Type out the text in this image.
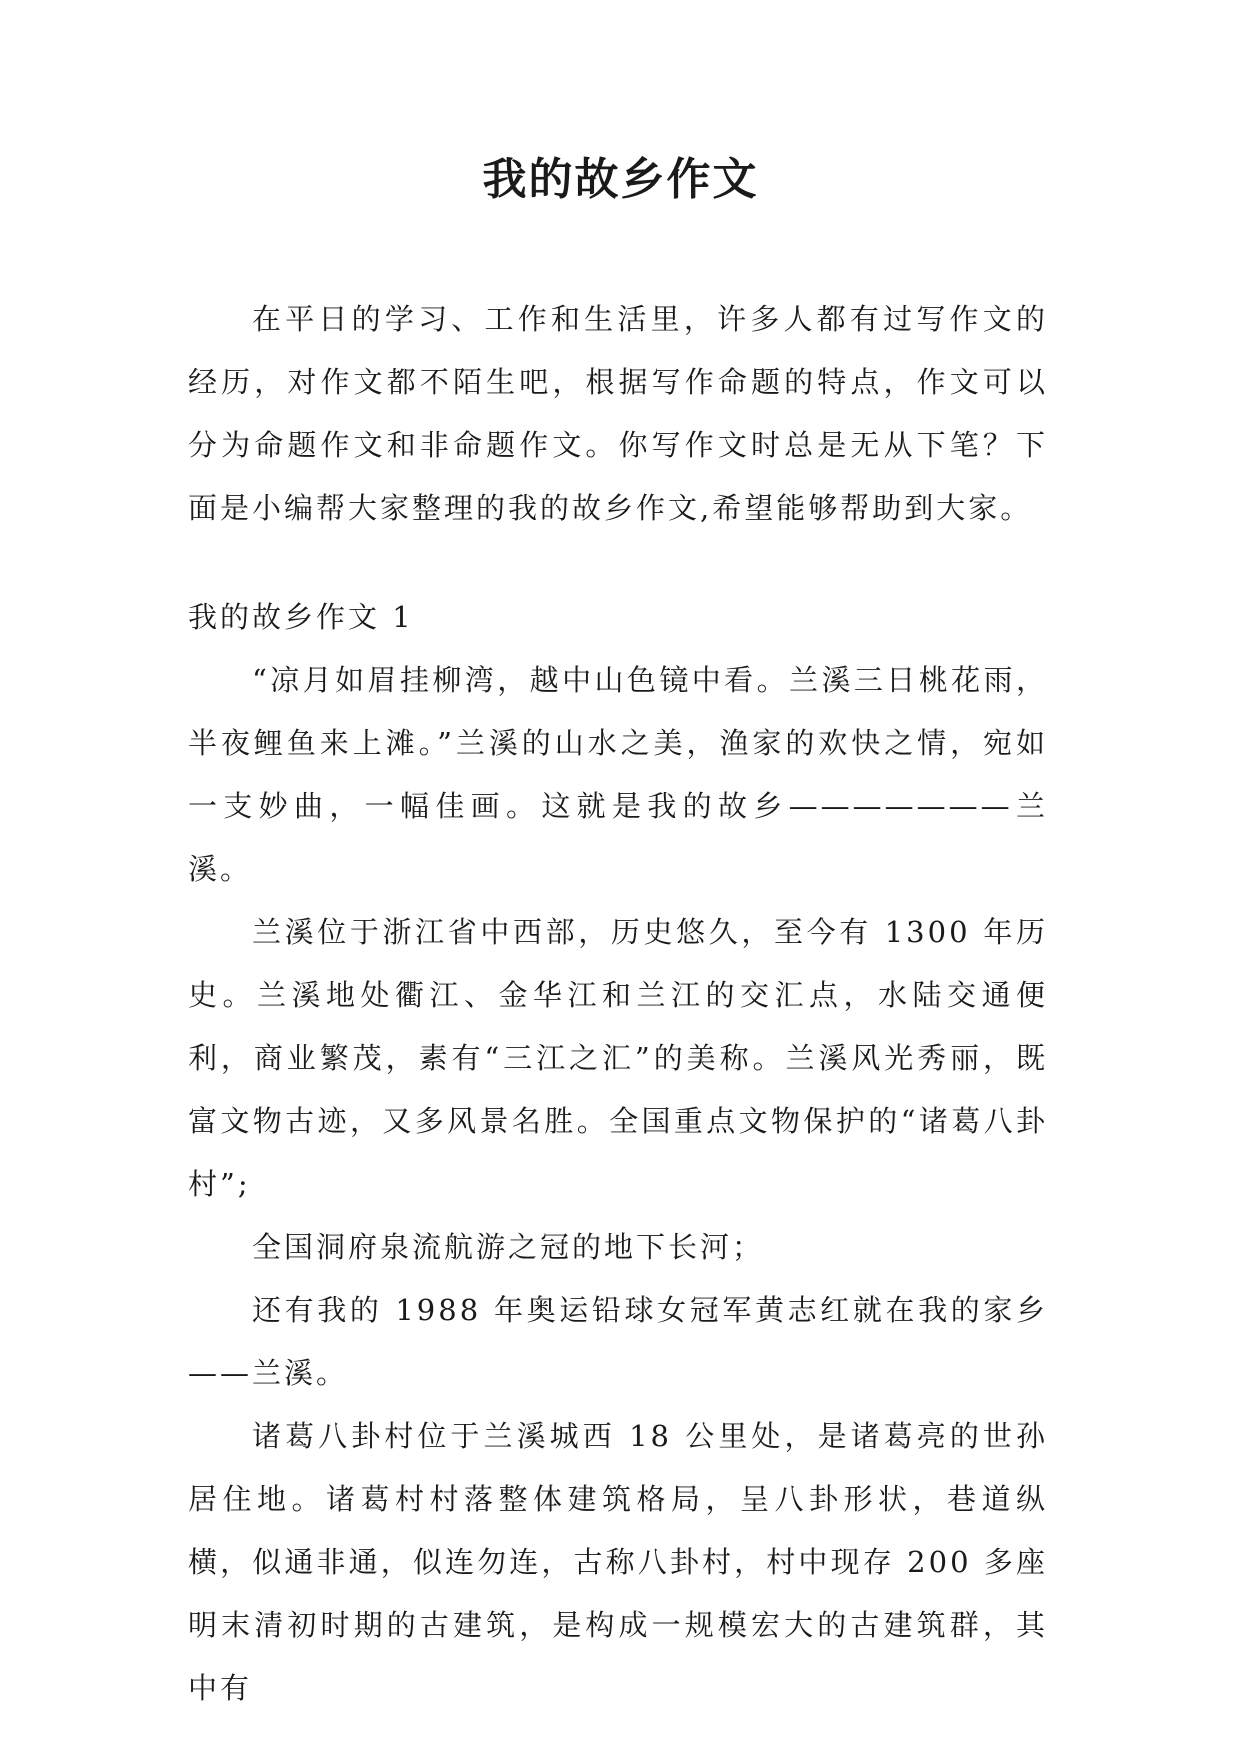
我的故乡作文

在平日的学习、工作和生活里，许多人都有过写作文的经历，对作文都不陌生吧，根据写作命题的特点，作文可以分为命题作文和非命题作文。你写作文时总是无从下笔？下面是小编帮大家整理的我的故乡作文,希望能够帮助到大家。

我的故乡作文 1

“凉月如眉挂柳湾，越中山色镜中看。兰溪三日桃花雨，半夜鲤鱼来上滩。”兰溪的山水之美，渔家的欢快之情，宛如一支妙曲，一幅佳画。这就是我的故乡———————兰溪。

兰溪位于浙江省中西部，历史悠久，至今有 1300 年历史。兰溪地处衢江、金华江和兰江的交汇点，水陆交通便利，商业繁茂，素有“三江之汇”的美称。兰溪风光秀丽，既富文物古迹，又多风景名胜。全国重点文物保护的“诸葛八卦村”;

全国洞府泉流航游之冠的地下长河；

还有我的 1988 年奥运铅球女冠军黄志红就在我的家乡——兰溪。

诸葛八卦村位于兰溪城西 18 公里处，是诸葛亮的世孙居住地。诸葛村村落整体建筑格局，呈八卦形状，巷道纵横，似通非通，似连勿连，古称八卦村，村中现存 200 多座明末清初时期的古建筑，是构成一规模宏大的古建筑群，其中有
